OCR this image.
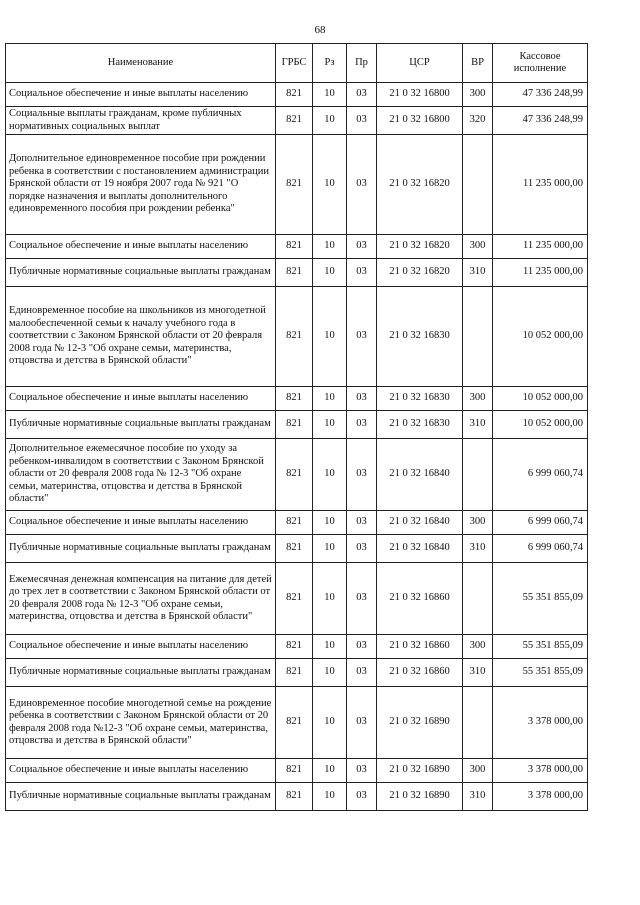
68
Наименование	ГРБС	Рз	Пр	ЦСР	ВР	Кассовое исполнение
Социальное обеспечение и иные выплаты населению	821	10	03	21 0 32 16800	300	47 336 248,99
Социальные выплаты гражданам, кроме публичных нормативных социальных выплат	821	10	03	21 0 32 16800	320	47 336 248,99
Дополнительное единовременное пособие при рождении ребенка в соответствии с постановлением администрации Брянской области от 19 ноября 2007 года № 921 "О порядке назначения и выплаты дополнительного единовременного пособия при рождении ребенка"	821	10	03	21 0 32 16820		11 235 000,00
Социальное обеспечение и иные выплаты населению	821	10	03	21 0 32 16820	300	11 235 000,00
Публичные нормативные социальные выплаты гражданам	821	10	03	21 0 32 16820	310	11 235 000,00
Единовременное пособие на школьников из многодетной малообеспеченной семьи к началу учебного года в соответствии с Законом Брянской области от 20 февраля 2008 года № 12-3 "Об охране семьи, материнства, отцовства и детства в Брянской области"	821	10	03	21 0 32 16830		10 052 000,00
Социальное обеспечение и иные выплаты населению	821	10	03	21 0 32 16830	300	10 052 000,00
Публичные нормативные социальные выплаты гражданам	821	10	03	21 0 32 16830	310	10 052 000,00
Дополнительное ежемесячное пособие по уходу за ребенком-инвалидом в соответствии с Законом Брянской области от 20 февраля 2008 года № 12-3 "Об охране семьи, материнства, отцовства и детства в Брянской области"	821	10	03	21 0 32 16840		6 999 060,74
Социальное обеспечение и иные выплаты населению	821	10	03	21 0 32 16840	300	6 999 060,74
Публичные нормативные социальные выплаты гражданам	821	10	03	21 0 32 16840	310	6 999 060,74
Ежемесячная денежная компенсация на питание для детей до трех лет в соответствии с Законом Брянской области от 20 февраля 2008 года № 12-3 "Об охране семьи, материнства, отцовства и детства в Брянской области"	821	10	03	21 0 32 16860		55 351 855,09
Социальное обеспечение и иные выплаты населению	821	10	03	21 0 32 16860	300	55 351 855,09
Публичные нормативные социальные выплаты гражданам	821	10	03	21 0 32 16860	310	55 351 855,09
Единовременное пособие многодетной семье на рождение ребенка в соответствии с Законом Брянской области от 20 февраля 2008 года №12-3 "Об охране семьи, материнства, отцовства и детства в Брянской области"	821	10	03	21 0 32 16890		3 378 000,00
Социальное обеспечение и иные выплаты населению	821	10	03	21 0 32 16890	300	3 378 000,00
Публичные нормативные социальные выплаты гражданам	821	10	03	21 0 32 16890	310	3 378 000,00
